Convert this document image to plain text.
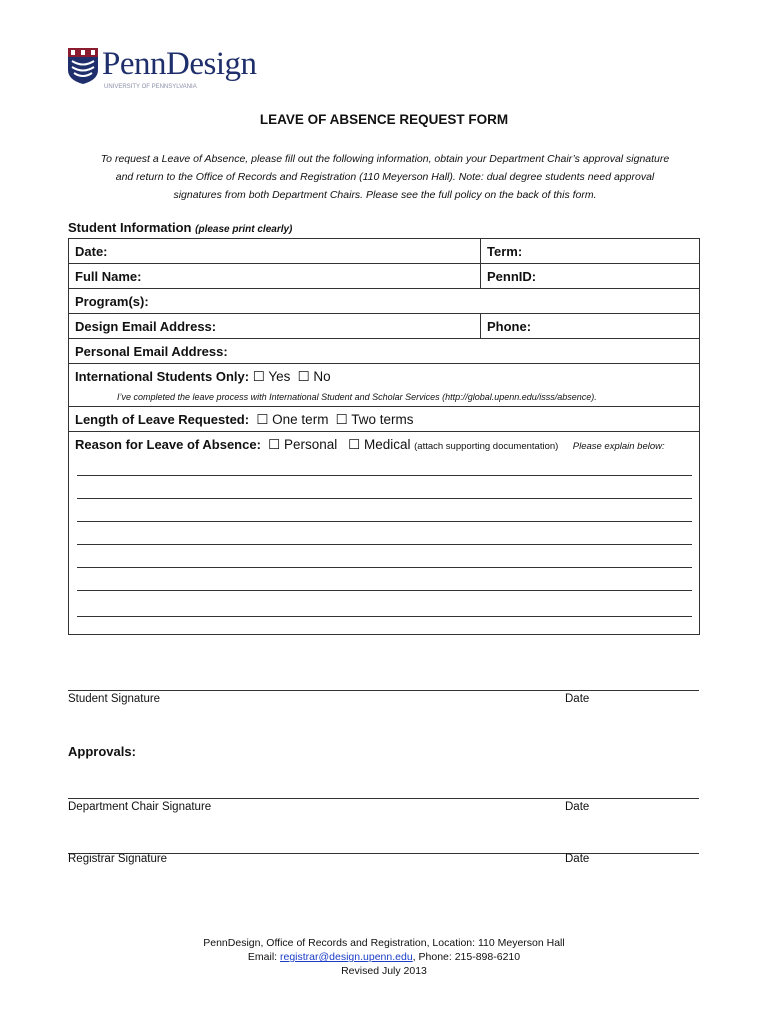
PennDesign
UNIVERSITY OF PENNSYLVANIA
LEAVE OF ABSENCE REQUEST FORM
To request a Leave of Absence, please fill out the following information, obtain your Department Chair’s approval signature
and return to the Office of Records and Registration (110 Meyerson Hall). Note: dual degree students need approval
signatures from both Department Chairs. Please see the full policy on the back of this form.
Student Information (please print clearly)
Date:	Term:
Full Name:	PennID:
Program(s):
Design Email Address:	Phone:
Personal Email Address:
International Students Only: ☐ Yes ☐ No
I’ve completed the leave process with International Student and Scholar Services (http://global.upenn.edu/isss/absence).
Length of Leave Requested: ☐ One term ☐ Two terms
Reason for Leave of Absence: ☐ Personal ☐ Medical (attach supporting documentation) Please explain below:
Student Signature	Date
Approvals:
Department Chair Signature	Date
Registrar Signature	Date
PennDesign, Office of Records and Registration, Location: 110 Meyerson Hall
Email: registrar@design.upenn.edu, Phone: 215-898-6210
Revised July 2013
